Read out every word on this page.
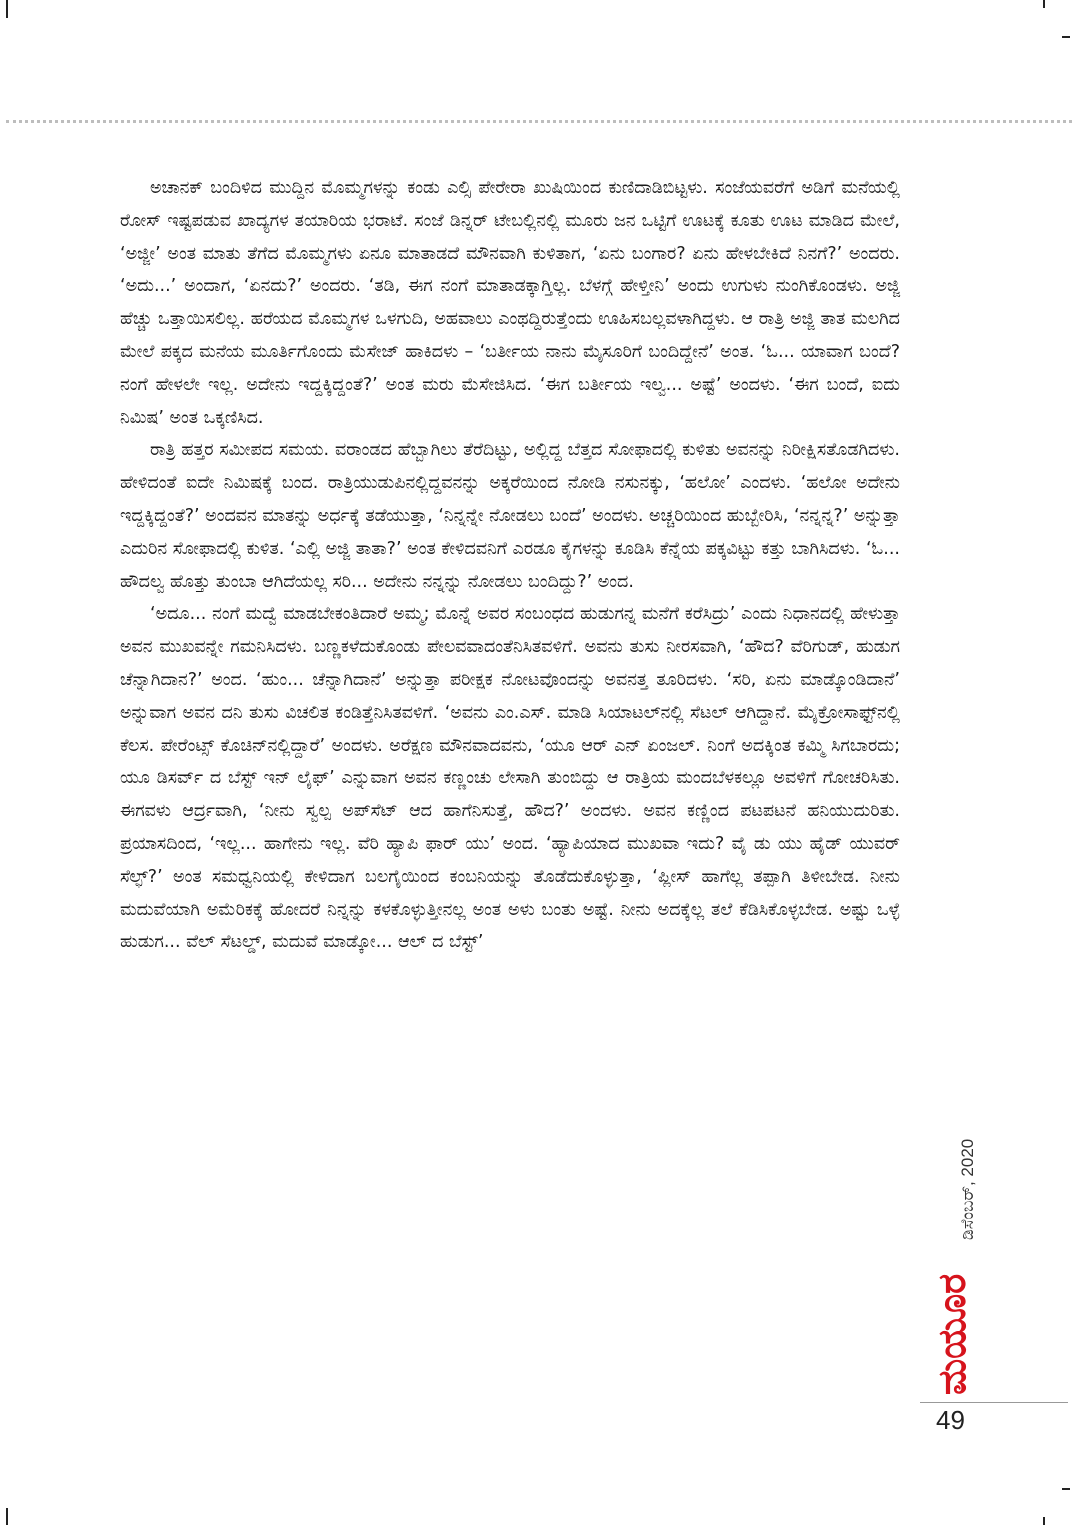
ಅಚಾನಕ್ ಬಂದಿಳಿದ ಮುದ್ದಿನ ಮೊಮ್ಮಗಳನ್ನು ಕಂಡು ಎಲ್ಸಿ ಪೇರೇರಾ ಖುಷಿಯಿಂದ ಕುಣಿದಾಡಿಬಿಟ್ಟಳು. ಸಂಜೆಯವರೆಗೆ ಅಡಿಗೆ ಮನೆಯಲ್ಲಿ ರೋಸ್ ಇಷ್ಟಪಡುವ ಖಾದ್ಯಗಳ ತಯಾರಿಯ ಭರಾಟೆ. ಸಂಜೆ ಡಿನ್ನರ್ ಟೇಬಲ್ಲಿನಲ್ಲಿ ಮೂರು ಜನ ಒಟ್ಟಿಗೆ ಊಟಕ್ಕೆ ಕೂತು ಊಟ ಮಾಡಿದ ಮೇಲೆ, ‘ಅಜ್ಜೀ’ ಅಂತ ಮಾತು ತೆಗೆದ ಮೊಮ್ಮಗಳು ಏನೂ ಮಾತಾಡದೆ ಮೌನವಾಗಿ ಕುಳಿತಾಗ, ‘ಏನು ಬಂಗಾರ? ಏನು ಹೇಳಬೇಕಿದೆ ನಿನಗೆ?’ ಅಂದರು. ‘ಅದು...’ ಅಂದಾಗ, ‘ಏನದು?’ ಅಂದರು. ‘ತಡಿ, ಈಗ ನಂಗೆ ಮಾತಾಡಕ್ಕಾಗ್ತಿಲ್ಲ. ಬೆಳಗ್ಗೆ ಹೇಳ್ತೀನಿ’ ಅಂದು ಉಗುಳು ನುಂಗಿಕೊಂಡಳು. ಅಜ್ಜಿ ಹೆಚ್ಚು ಒತ್ತಾಯಿಸಲಿಲ್ಲ. ಹರೆಯದ ಮೊಮ್ಮಗಳ ಒಳಗುದಿ, ಅಹವಾಲು ಎಂಥದ್ದಿರುತ್ತೆಂದು ಊಹಿಸಬಲ್ಲವಳಾಗಿದ್ದಳು. ಆ ರಾತ್ರಿ ಅಜ್ಜಿ ತಾತ ಮಲಗಿದ ಮೇಲೆ ಪಕ್ಕದ ಮನೆಯ ಮೂರ್ತಿಗೊಂದು ಮೆಸೇಜ್ ಹಾಕಿದಳು – ‘ಬರ್ತೀಯ ನಾನು ಮೈಸೂರಿಗೆ ಬಂದಿದ್ದೇನೆ’ ಅಂತ. ‘ಓ... ಯಾವಾಗ ಬಂದೆ? ನಂಗೆ ಹೇಳಲೇ ಇಲ್ಲ. ಅದೇನು ಇದ್ದಕ್ಕಿದ್ದಂತೆ?’ ಅಂತ ಮರು ಮೆಸೇಜಿಸಿದ. ‘ಈಗ ಬರ್ತೀಯ ಇಲ್ವ... ಅಷ್ಟೆ’ ಅಂದಳು. ‘ಈಗ ಬಂದೆ, ಐದು ನಿಮಿಷ’ ಅಂತ ಒಕ್ಕಣಿಸಿದ.

ರಾತ್ರಿ ಹತ್ತರ ಸಮೀಪದ ಸಮಯ. ವರಾಂಡದ ಹೆಬ್ಬಾಗಿಲು ತೆರೆದಿಟ್ಟು, ಅಲ್ಲಿದ್ದ ಬೆತ್ತದ ಸೋಫಾದಲ್ಲಿ ಕುಳಿತು ಅವನನ್ನು ನಿರೀಕ್ಷಿಸತೊಡಗಿದಳು. ಹೇಳಿದಂತೆ ಐದೇ ನಿಮಿಷಕ್ಕೆ ಬಂದ. ರಾತ್ರಿಯುಡುಪಿನಲ್ಲಿದ್ದವನನ್ನು ಅಕ್ಕರೆಯಿಂದ ನೋಡಿ ನಸುನಕ್ಕು, ‘ಹಲೋ’ ಎಂದಳು. ‘ಹಲೋ ಅದೇನು ಇದ್ದಕ್ಕಿದ್ದಂತೆ?’ ಅಂದವನ ಮಾತನ್ನು ಅರ್ಧಕ್ಕೆ ತಡೆಯುತ್ತಾ, ‘ನಿನ್ನನ್ನೇ ನೋಡಲು ಬಂದೆ’ ಅಂದಳು. ಅಚ್ಚರಿಯಿಂದ ಹುಬ್ಬೇರಿಸಿ, ‘ನನ್ನನ್ನ?’ ಅನ್ನುತ್ತಾ ಎದುರಿನ ಸೋಫಾದಲ್ಲಿ ಕುಳಿತ. ‘ಎಲ್ಲಿ ಅಜ್ಜಿ ತಾತಾ?’ ಅಂತ ಕೇಳಿದವನಿಗೆ ಎರಡೂ ಕೈಗಳನ್ನು ಕೂಡಿಸಿ ಕೆನ್ನೆಯ ಪಕ್ಕವಿಟ್ಟು ಕತ್ತು ಬಾಗಿಸಿದಳು. ‘ಓ... ಹೌದಲ್ವ ಹೊತ್ತು ತುಂಬಾ ಆಗಿದೆಯಲ್ಲ ಸರಿ... ಅದೇನು ನನ್ನನ್ನು ನೋಡಲು ಬಂದಿದ್ದು?’ ಅಂದ.

‘ಅದೂ... ನಂಗೆ ಮದ್ವೆ ಮಾಡಬೇಕಂತಿದಾರೆ ಅಮ್ಮ; ಮೊನ್ನೆ ಅವರ ಸಂಬಂಧದ ಹುಡುಗನ್ನ ಮನೆಗೆ ಕರೆಸಿದ್ರು’ ಎಂದು ನಿಧಾನದಲ್ಲಿ ಹೇಳುತ್ತಾ ಅವನ ಮುಖವನ್ನೇ ಗಮನಿಸಿದಳು. ಬಣ್ಣಕಳೆದುಕೊಂಡು ಪೇಲವವಾದಂತೆನಿಸಿತವಳಿಗೆ. ಅವನು ತುಸು ನೀರಸವಾಗಿ, ‘ಹೌದ? ವೆರಿಗುಡ್, ಹುಡುಗ ಚೆನ್ನಾಗಿದಾನ?’ ಅಂದ. ‘ಹುಂ... ಚೆನ್ನಾಗಿದಾನೆ’ ಅನ್ನುತ್ತಾ ಪರೀಕ್ಷಕ ನೋಟವೊಂದನ್ನು ಅವನತ್ತ ತೂರಿದಳು. ‘ಸರಿ, ಏನು ಮಾಡ್ಕೊಂಡಿದಾನೆ’ ಅನ್ನುವಾಗ ಅವನ ದನಿ ತುಸು ವಿಚಲಿತ ಕಂಡಿತ್ತೆನಿಸಿತವಳಿಗೆ. ‘ಅವನು ಎಂ.ಎಸ್. ಮಾಡಿ ಸಿಯಾಟಲ್‌ನಲ್ಲಿ ಸೆಟಲ್ ಆಗಿದ್ದಾನೆ. ಮೈಕ್ರೋಸಾಫ್ಟ್‌ನಲ್ಲಿ ಕೆಲಸ. ಪೇರೆಂಟ್ಸ್ ಕೊಚಿನ್‌ನಲ್ಲಿದ್ದಾರೆ’ ಅಂದಳು. ಅರೆಕ್ಷಣ ಮೌನವಾದವನು, ‘ಯೂ ಆರ್ ಎನ್ ಏಂಜಲ್. ನಿಂಗೆ ಅದಕ್ಕಿಂತ ಕಮ್ಮಿ ಸಿಗಬಾರದು; ಯೂ ಡಿಸರ್ವ್ ದ ಬೆಸ್ಟ್ ಇನ್ ಲೈಫ್’ ಎನ್ನುವಾಗ ಅವನ ಕಣ್ಣಂಚು ಲೇಸಾಗಿ ತುಂಬಿದ್ದು ಆ ರಾತ್ರಿಯ ಮಂದಬೆಳಕಲ್ಲೂ ಅವಳಿಗೆ ಗೋಚರಿಸಿತು. ಈಗವಳು ಆರ್ದ್ರವಾಗಿ, ‘ನೀನು ಸ್ವಲ್ಪ ಅಪ್‌ಸೆಟ್ ಆದ ಹಾಗೆನಿಸುತ್ತೆ, ಹೌದ?’ ಅಂದಳು. ಅವನ ಕಣ್ಣಿಂದ ಪಟಪಟನೆ ಹನಿಯುದುರಿತು. ಪ್ರಯಾಸದಿಂದ, ‘ಇಲ್ಲ... ಹಾಗೇನು ಇಲ್ಲ. ವೆರಿ ಹ್ಯಾಪಿ ಫಾರ್ ಯು’ ಅಂದ. ‘ಹ್ಯಾಪಿಯಾದ ಮುಖವಾ ಇದು? ವೈ ಡು ಯು ಹೈಡ್ ಯುವರ್ ಸೆಲ್ಫ್?’ ಅಂತ ಸಮಧ್ವನಿಯಲ್ಲಿ ಕೇಳಿದಾಗ ಬಲಗೈಯಿಂದ ಕಂಬನಿಯನ್ನು ತೊಡೆದುಕೊಳ್ಳುತ್ತಾ, ‘ಪ್ಲೀಸ್ ಹಾಗೆಲ್ಲ ತಪ್ಪಾಗಿ ತಿಳೀಬೇಡ. ನೀನು ಮದುವೆಯಾಗಿ ಅಮೆರಿಕಕ್ಕೆ ಹೋದರೆ ನಿನ್ನನ್ನು ಕಳಕೊಳ್ಳುತ್ತೀನಲ್ಲ ಅಂತ ಅಳು ಬಂತು ಅಷ್ಟೆ. ನೀನು ಅದಕ್ಕೆಲ್ಲ ತಲೆ ಕೆಡಿಸಿಕೊಳ್ಳಬೇಡ. ಅಷ್ಟು ಒಳ್ಳೆ ಹುಡುಗ... ವೆಲ್ ಸೆಟಲ್ಡ್, ಮದುವೆ ಮಾಡ್ಕೋ... ಆಲ್ ದ ಬೆಸ್ಟ್’

ಡಿಸೆಂಬರ್, 2020
ಮಯೂರ
49
